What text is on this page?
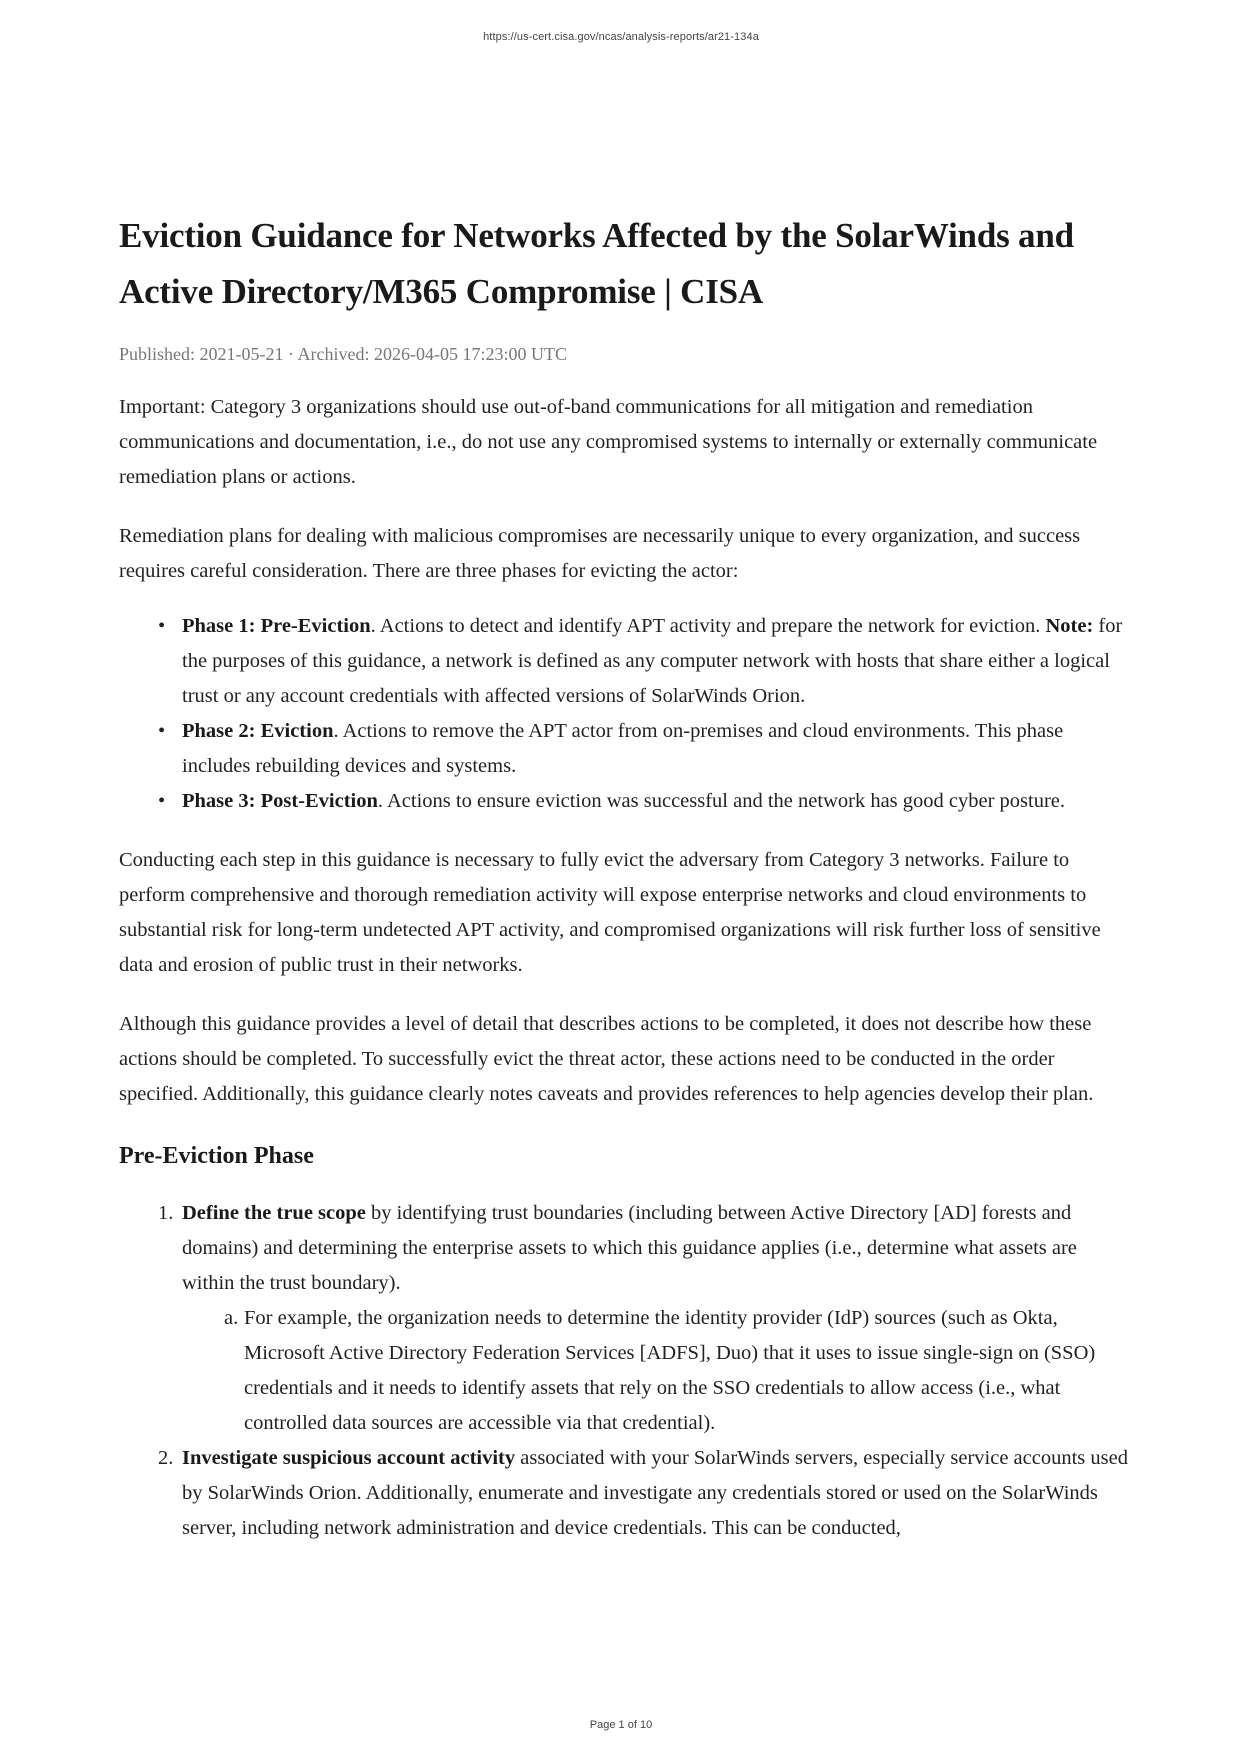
https://us-cert.cisa.gov/ncas/analysis-reports/ar21-134a
Eviction Guidance for Networks Affected by the SolarWinds and Active Directory/M365 Compromise | CISA
Published: 2021-05-21 · Archived: 2026-04-05 17:23:00 UTC

Important: Category 3 organizations should use out-of-band communications for all mitigation and remediation communications and documentation, i.e., do not use any compromised systems to internally or externally communicate remediation plans or actions.

Remediation plans for dealing with malicious compromises are necessarily unique to every organization, and success requires careful consideration. There are three phases for evicting the actor:

• Phase 1: Pre-Eviction. Actions to detect and identify APT activity and prepare the network for eviction. Note: for the purposes of this guidance, a network is defined as any computer network with hosts that share either a logical trust or any account credentials with affected versions of SolarWinds Orion.
• Phase 2: Eviction. Actions to remove the APT actor from on-premises and cloud environments. This phase includes rebuilding devices and systems.
• Phase 3: Post-Eviction. Actions to ensure eviction was successful and the network has good cyber posture.

Conducting each step in this guidance is necessary to fully evict the adversary from Category 3 networks. Failure to perform comprehensive and thorough remediation activity will expose enterprise networks and cloud environments to substantial risk for long-term undetected APT activity, and compromised organizations will risk further loss of sensitive data and erosion of public trust in their networks.

Although this guidance provides a level of detail that describes actions to be completed, it does not describe how these actions should be completed. To successfully evict the threat actor, these actions need to be conducted in the order specified. Additionally, this guidance clearly notes caveats and provides references to help agencies develop their plan.

Pre-Eviction Phase
1. Define the true scope by identifying trust boundaries (including between Active Directory [AD] forests and domains) and determining the enterprise assets to which this guidance applies (i.e., determine what assets are within the trust boundary).
a. For example, the organization needs to determine the identity provider (IdP) sources (such as Okta, Microsoft Active Directory Federation Services [ADFS], Duo) that it uses to issue single-sign on (SSO) credentials and it needs to identify assets that rely on the SSO credentials to allow access (i.e., what controlled data sources are accessible via that credential).
2. Investigate suspicious account activity associated with your SolarWinds servers, especially service accounts used by SolarWinds Orion. Additionally, enumerate and investigate any credentials stored or used on the SolarWinds server, including network administration and device credentials. This can be conducted,
Page 1 of 10
